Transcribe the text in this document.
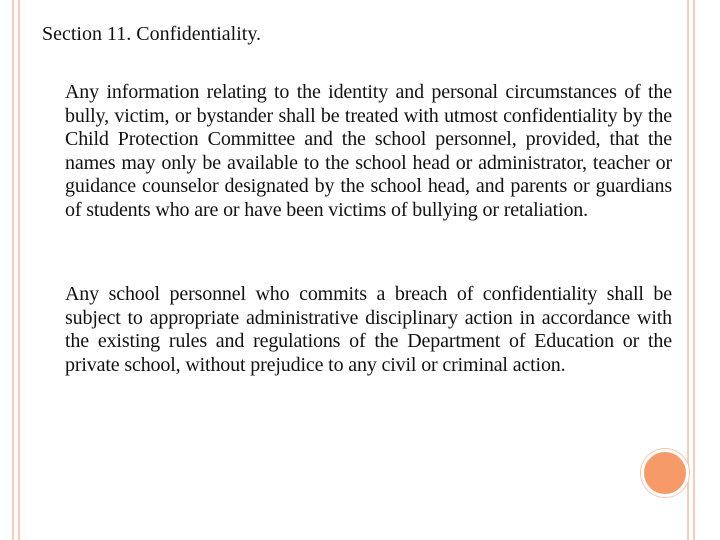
Section 11. Confidentiality.

Any information relating to the identity and personal circumstances of the bully, victim, or bystander shall be treated with utmost confidentiality by the Child Protection Committee and the school personnel, provided, that the names may only be available to the school head or administrator, teacher or guidance counselor designated by the school head, and parents or guardians of students who are or have been victims of bullying or retaliation.

Any school personnel who commits a breach of confidentiality shall be subject to appropriate administrative disciplinary action in accordance with the existing rules and regulations of the Department of Education or the private school, without prejudice to any civil or criminal action.
